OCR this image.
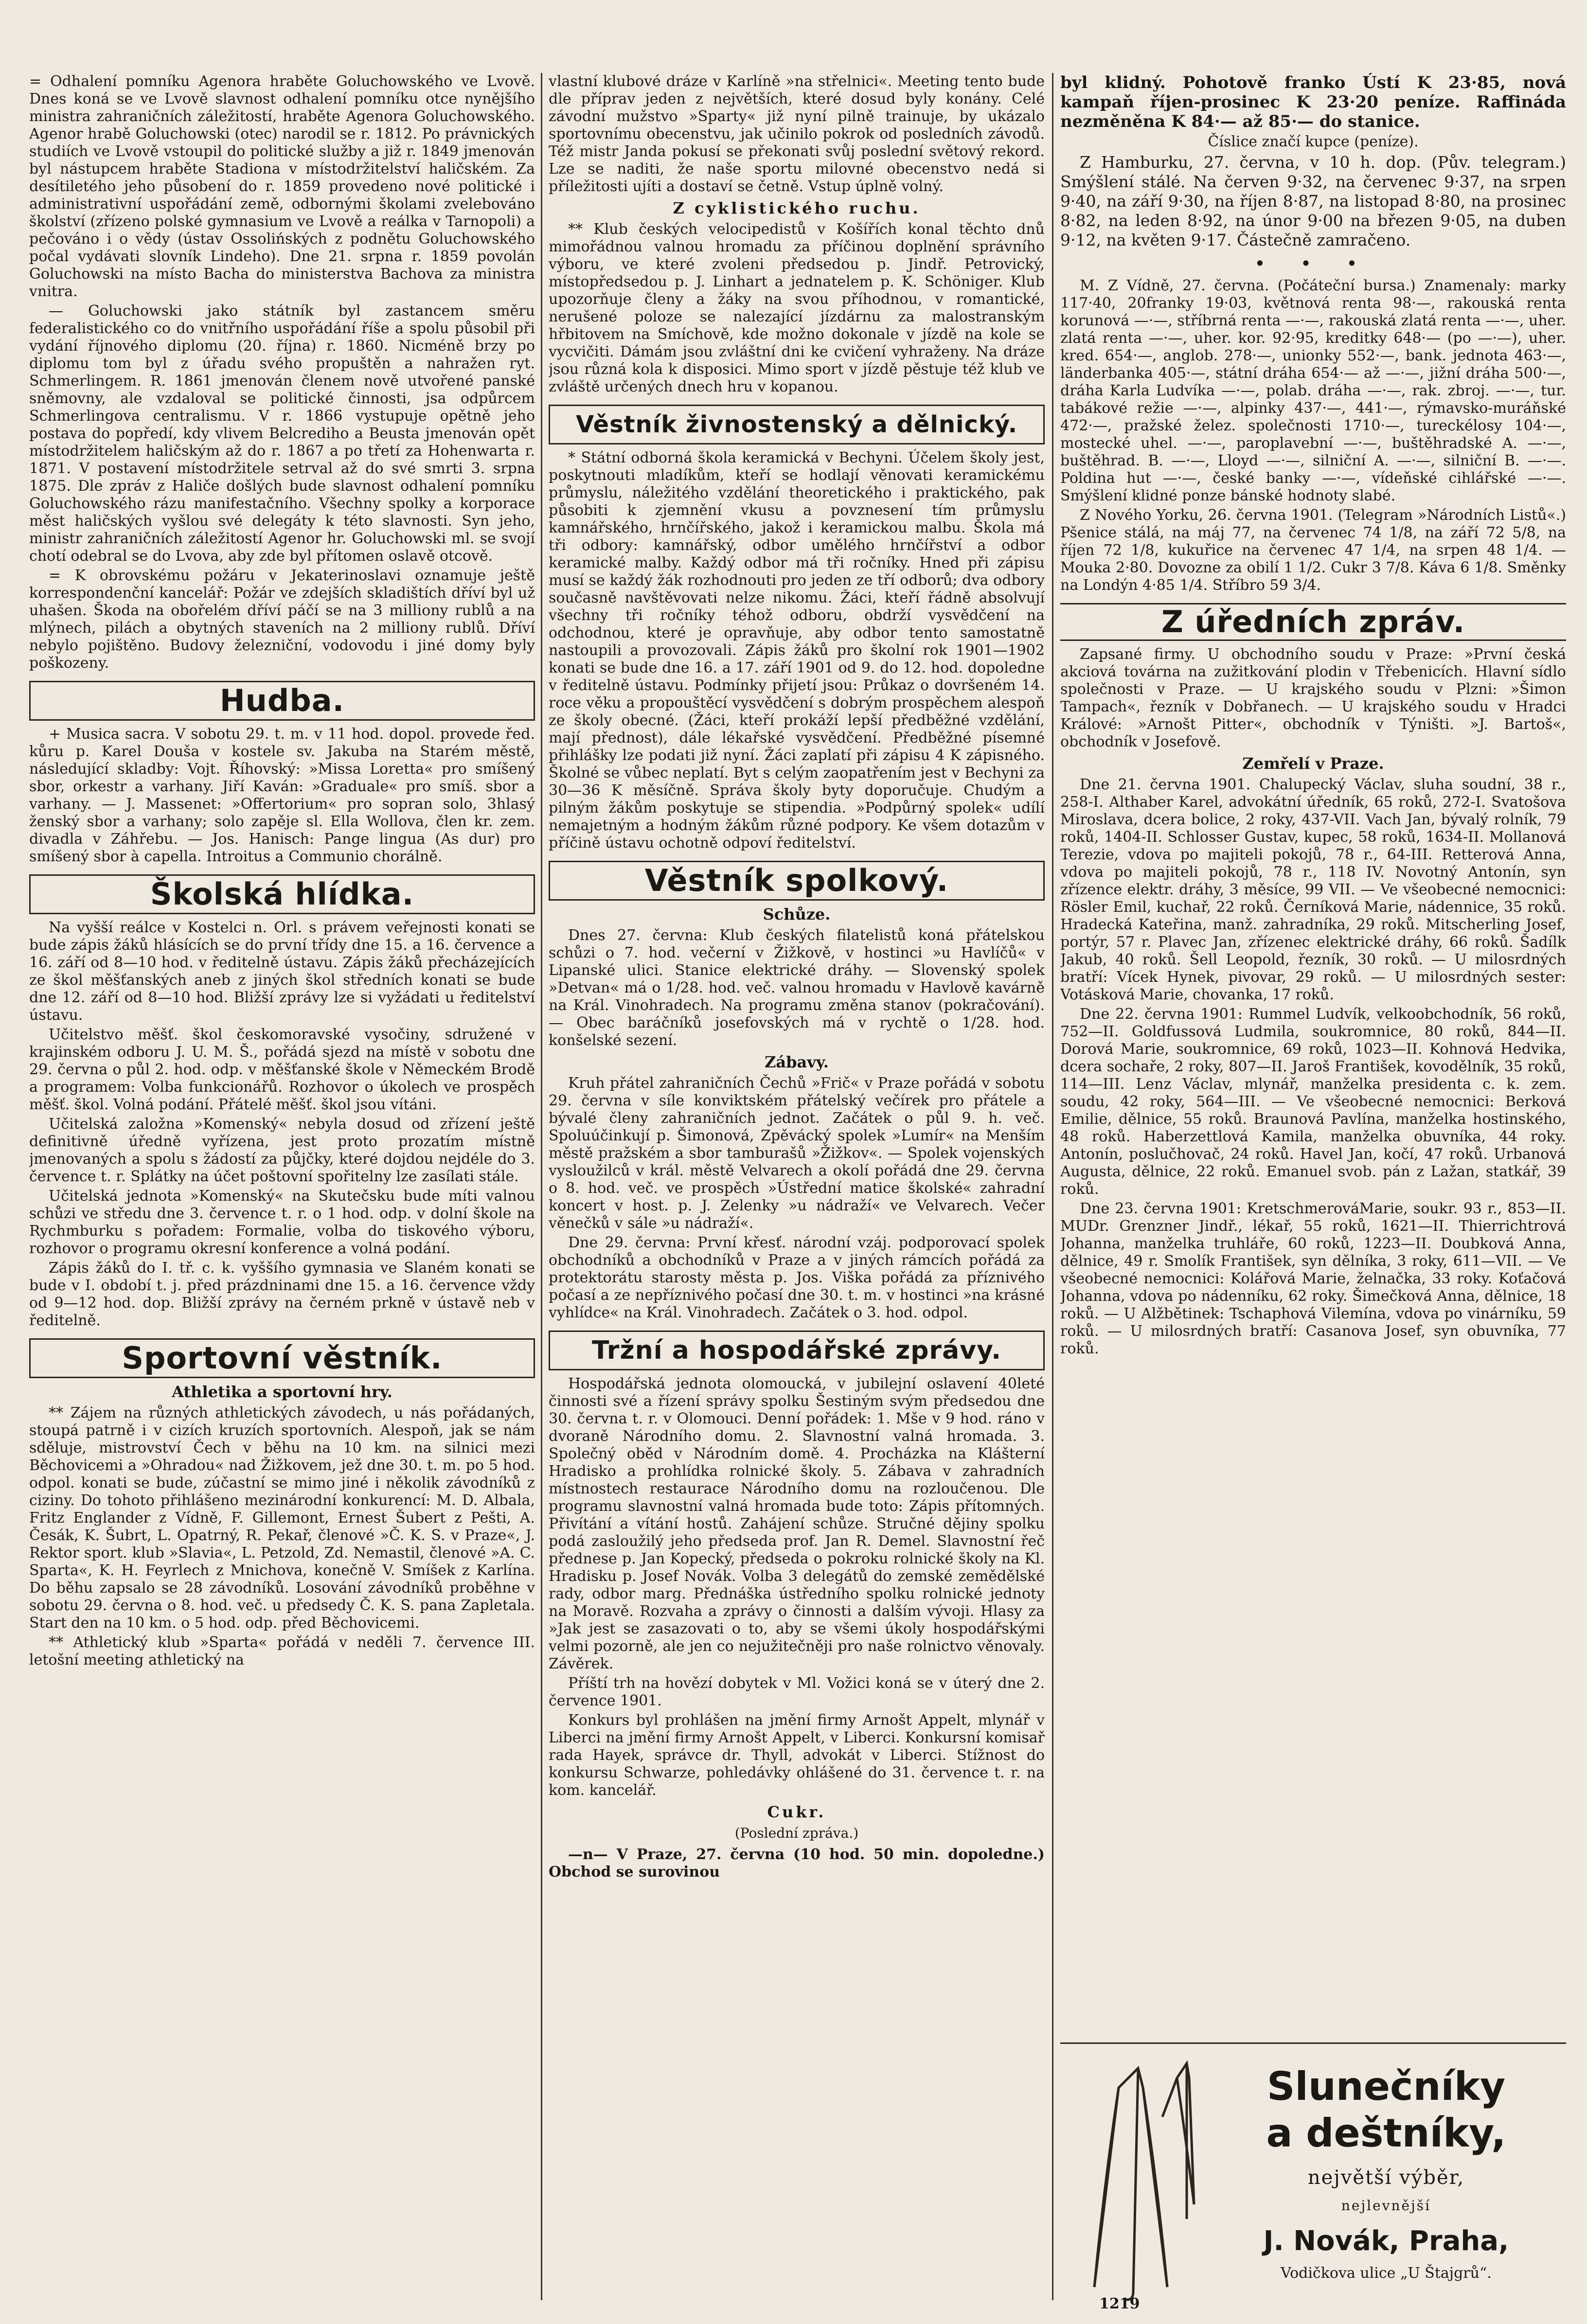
= Odhalení pomníku Agenora hraběte Goluchowského ve Lvově. Dnes koná se ve Lvově slavnost odhalení pomníku otce nynějšího ministra zahraničních záležitostí, hraběte Agenora Goluchowského. Agenor hrabě Goluchowski (otec) narodil se r. 1812. Po právnických studiích ve Lvově vstoupil do politické služby a již r. 1849 jmenován byl nástupcem hraběte Stadiona v místodržitelství haličském. Za desítiletého jeho působení do r. 1859 provedeno nové politické i administrativní uspořádání země, odbornými školami zvelebováno školství (zřízeno polské gymnasium ve Lvově a reálka v Tarnopoli) a pečováno i o vědy (ústav Ossolińských z podnětu Goluchowského počal vydávati slovník Lindeho). Dne 21. srpna r. 1859 povolán Goluchowski na místo Bacha do ministerstva Bachova za ministra vnitra.

— Goluchowski jako státník byl zastancem směru federalistického co do vnitřního uspořádání říše a spolu působil při vydání říjnového diplomu (20. října) r. 1860. Nicméně brzy po diplomu tom byl z úřadu svého propuštěn a nahražen ryt. Schmerlingem. R. 1861 jmenován členem nově utvořené panské sněmovny, ale vzdaloval se politické činnosti, jsa odpůrcem Schmerlingova centralismu. V r. 1866 vystupuje opětně jeho postava do popředí, kdy vlivem Belcrediho a Beusta jmenován opět místodržitelem haličským až do r. 1867 a po třetí za Hohenwarta r. 1871. V postavení místodržitele setrval až do své smrti 3. srpna 1875. Dle zpráv z Haliče došlých bude slavnost odhalení pomníku Goluchowského rázu manifestačního. Všechny spolky a korporace měst haličských vyšlou své delegáty k této slavnosti. Syn jeho, ministr zahraničních záležitostí Agenor hr. Goluchowski ml. se svojí chotí odebral se do Lvova, aby zde byl přítomen oslavě otcově.

= K obrovskému požáru v Jekaterinoslavi oznamuje ještě korrespondenční kancelář: Požár ve zdejších skladištích dříví byl už uhašen. Škoda na obořelém dříví páčí se na 3 milliony rublů a na mlýnech, pilách a obytných staveních na 2 milliony rublů. Dříví nebylo pojištěno. Budovy železniční, vodovodu i jiné domy byly poškozeny.

Hudba.

+ Musica sacra. V sobotu 29. t. m. v 11 hod. dopol. provede řed. kůru p. Karel Douša v kostele sv. Jakuba na Starém městě, následující skladby: Vojt. Říhovský: »Missa Loretta« pro smíšený sbor, orkestr a varhany. Jiří Kaván: »Graduale« pro smíš. sbor a varhany. — J. Massenet: »Offertorium« pro sopran solo, 3hlasý ženský sbor a varhany; solo zapěje sl. Ella Wollova, člen kr. zem. divadla v Záhřebu. — Jos. Hanisch: Pange lingua (As dur) pro smíšený sbor à capella. Introitus a Communio chorálně.

Školská hlídka.

Na vyšší reálce v Kostelci n. Orl. s právem veřejnosti konati se bude zápis žáků hlásících se do první třídy dne 15. a 16. července a 16. září od 8—10 hod. v ředitelně ústavu. Zápis žáků přecházejících ze škol měšťanských aneb z jiných škol středních konati se bude dne 12. září od 8—10 hod. Bližší zprávy lze si vyžádati u ředitelství ústavu.

Učitelstvo měšť. škol českomoravské vysočiny, sdružené v krajinském odboru J. U. M. Š., pořádá sjezd na místě v sobotu dne 29. června o půl 2. hod. odp. v měšťanské škole v Německém Brodě a programem: Volba funkcionářů. Rozhovor o úkolech ve prospěch měšť. škol. Volná podání. Přátelé měšť. škol jsou vítáni.

Učitelská založna »Komenský« nebyla dosud od zřízení ještě definitivně úředně vyřízena, jest proto prozatím místně jmenovaných a spolu s žádostí za půjčky, které dojdou nejdéle do 3. července t. r. Splátky na účet poštovní spořitelny lze zasílati stále.

Učitelská jednota »Komenský« na Skutečsku bude míti valnou schůzi ve středu dne 3. července t. r. o 1 hod. odp. v dolní škole na Rychmburku s pořadem: Formalie, volba do tiskového výboru, rozhovor o programu okresní konference a volná podání.

Zápis žáků do I. tř. c. k. vyššího gymnasia ve Slaném konati se bude v I. období t. j. před prázdninami dne 15. a 16. července vždy od 9—12 hod. dop. Bližší zprávy na černém prkně v ústavě neb v ředitelně.

Sportovní věstník.
Athletika a sportovní hry.

** Zájem na různých athletických závodech, u nás pořádaných, stoupá patrně i v cizích kruzích sportovních. Alespoň, jak se nám sděluje, mistrovství Čech v běhu na 10 km. na silnici mezi Běchovicemi a »Ohradou« nad Žižkovem, jež dne 30. t. m. po 5 hod. odpol. konati se bude, zúčastní se mimo jiné i několik závodníků z ciziny. Do tohoto přihlášeno mezinárodní konkurencí: M. D. Albala, Fritz Englander z Vídně, F. Gillemont, Ernest Šubert z Pešti, A. Česák, K. Šubrt, L. Opatrný, R. Pekař, členové »Č. K. S. v Praze«, J. Rektor sport. klub »Slavia«, L. Petzold, Zd. Nemastil, členové »A. C. Sparta«, K. H. Feyrlech z Mnichova, konečně V. Smíšek z Karlína. Do běhu zapsalo se 28 závodníků. Losování závodníků proběhne v sobotu 29. června o 8. hod. več. u předsedy Č. K. S. pana Zapletala. Start den na 10 km. o 5 hod. odp. před Běchovicemi.

** Athletický klub »Sparta« pořádá v neděli 7. července III. letošní meeting athletický na

vlastní klubové dráze v Karlíně »na střelnici«. Meeting tento bude dle příprav jeden z největších, které dosud byly konány. Celé závodní mužstvo »Sparty« již nyní pilně trainuje, by ukázalo sportovnímu obecenstvu, jak učinilo pokrok od posledních závodů. Též mistr Janda pokusí se překonati svůj poslední světový rekord. Lze se naditi, že naše sportu milovné obecenstvo nedá si příležitosti ujíti a dostaví se četně. Vstup úplně volný.

Z cyklistického ruchu.

** Klub českých velocipedistů v Košířích konal těchto dnů mimořádnou valnou hromadu za příčinou doplnění správního výboru, ve které zvoleni předsedou p. Jindř. Petrovický, místopředsedou p. J. Linhart a jednatelem p. K. Schöniger. Klub upozorňuje členy a žáky na svou příhodnou, v romantické, nerušené poloze se nalezající jízdárnu za malostranským hřbitovem na Smíchově, kde možno dokonale v jízdě na kole se vycvičiti. Dámám jsou zvláštní dni ke cvičení vyhraženy. Na dráze jsou různá kola k disposici. Mimo sport v jízdě pěstuje též klub ve zvláště určených dnech hru v kopanou.

Věstník živnostenský a dělnický.

* Státní odborná škola keramická v Bechyni. Účelem školy jest, poskytnouti mladíkům, kteří se hodlají věnovati keramickému průmyslu, náležitého vzdělání theoretického i praktického, pak působiti k zjemnění vkusu a povznesení tím průmyslu kamnářského, hrnčířského, jakož i keramickou malbu. Škola má tři odbory: kamnářský, odbor umělého hrnčířství a odbor keramické malby. Každý odbor má tři ročníky. Hned při zápisu musí se každý žák rozhodnouti pro jeden ze tří odborů; dva odbory současně navštěvovati nelze nikomu. Žáci, kteří řádně absolvují všechny tři ročníky téhož odboru, obdrží vysvědčení na odchodnou, které je opravňuje, aby odbor tento samostatně nastoupili a provozovali. Zápis žáků pro školní rok 1901—1902 konati se bude dne 16. a 17. září 1901 od 9. do 12. hod. dopoledne v ředitelně ústavu. Podmínky přijetí jsou: Průkaz o dovršeném 14. roce věku a propouštěcí vysvědčení s dobrým prospěchem alespoň ze školy obecné. (Žáci, kteří prokáží lepší předběžné vzdělání, mají přednost), dále lékařské vysvědčení. Předběžné písemné přihlášky lze podati již nyní. Žáci zaplatí při zápisu 4 K zápisného. Školné se vůbec neplatí. Byt s celým zaopatřením jest v Bechyni za 30—36 K měsíčně. Správa školy byty doporučuje. Chudým a pilným žákům poskytuje se stipendia. »Podpůrný spolek« udílí nemajetným a hodným žákům různé podpory. Ke všem dotazům v příčině ústavu ochotně odpoví ředitelství.

Věstník spolkový.
Schůze.

Dnes 27. června: Klub českých filatelistů koná přátelskou schůzi o 7. hod. večerní v Žižkově, v hostinci »u Havlíčů« v Lipanské ulici. Stanice elektrické dráhy. — Slovenský spolek »Detvan« má o 1/28. hod. več. valnou hromadu v Havlově kavárně na Král. Vinohradech. Na programu změna stanov (pokračování). — Obec baráčníků josefovských má v rychtě o 1/28. hod. konšelské sezení.

Zábavy.

Kruh přátel zahraničních Čechů »Frič« v Praze pořádá v sobotu 29. června v síle konviktském přátelský večírek pro přátele a bývalé členy zahraničních jednot. Začátek o půl 9. h. več. Spoluúčinkují p. Šimonová, Zpěvácký spolek »Lumír« na Menším městě pražském a sbor tamburašů »Žižkov«. — Spolek vojenských vysloužilců v král. městě Velvarech a okolí pořádá dne 29. června o 8. hod. več. ve prospěch »Ústřední matice školské« zahradní koncert v host. p. J. Zelenky »u nádraží« ve Velvarech. Večer věnečků v sále »u nádraží«.

Dne 29. června: První křesť. národní vzáj. podporovací spolek obchodníků a obchodníků v Praze a v jiných rámcích pořádá za protektorátu starosty města p. Jos. Viška pořádá za příznivého počasí a ze nepříznivého počasí dne 30. t. m. v hostinci »na krásné vyhlídce« na Král. Vinohradech. Začátek o 3. hod. odpol.

Tržní a hospodářské zprávy.

Hospodářská jednota olomoucká, v jubilejní oslavení 40leté činnosti své a řízení správy spolku Šestiným svým předsedou dne 30. června t. r. v Olomouci. Denní pořádek: 1. Mše v 9 hod. ráno v dvoraně Národního domu. 2. Slavnostní valná hromada. 3. Společný oběd v Národním domě. 4. Procházka na Klášterní Hradisko a prohlídka rolnické školy. 5. Zábava v zahradních místnostech restaurace Národního domu na rozloučenou. Dle programu slavnostní valná hromada bude toto: Zápis přítomných. Přivítání a vítání hostů. Zahájení schůze. Stručné dějiny spolku podá zasloužilý jeho předseda prof. Jan R. Demel. Slavnostní řeč přednese p. Jan Kopecký, předseda o pokroku rolnické školy na Kl. Hradisku p. Josef Novák. Volba 3 delegátů do zemské zemědělské rady, odbor marg. Přednáška ústředního spolku rolnické jednoty na Moravě. Rozvaha a zprávy o činnosti a dalším vývoji. Hlasy za »Jak jest se zasazovati o to, aby se všemi úkoly hospodářskými velmi pozorně, ale jen co nejužitečněji pro naše rolnictvo věnovaly. Závěrek.

Příští trh na hovězí dobytek v Ml. Vožici koná se v úterý dne 2. července 1901.

Konkurs byl prohlášen na jmění firmy Arnošt Appelt, mlynář v Liberci na jmění firmy Arnošt Appelt, v Liberci. Konkursní komisař rada Hayek, správce dr. Thyll, advokát v Liberci. Stížnost do konkursu Schwarze, pohledávky ohlášené do 31. července t. r. na kom. kancelář.

Cukr.
(Poslední zpráva.)

—n— V Praze, 27. června (10 hod. 50 min. dopoledne.) Obchod se surovinou

byl klidný. Pohotově franko Ústí K 23·85, nová kampaň říjen-prosinec K 23·20 peníze. Raffináda nezměněna K 84·— až 85·— do stanice.

Číslice značí kupce (peníze).

Z Hamburku, 27. června, v 10 h. dop. (Pův. telegram.) Smýšlení stálé. Na červen 9·32, na červenec 9·37, na srpen 9·40, na září 9·30, na říjen 8·87, na listopad 8·80, na prosinec 8·82, na leden 8·92, na únor 9·00 na březen 9·05, na duben 9·12, na květen 9·17. Částečně zamračeno.

• • •

M. Z Vídně, 27. června. (Počáteční bursa.) Znamenaly: marky 117·40, 20franky 19·03, květnová renta 98·—, rakouská renta korunová —·—, stříbrná renta —·—, rakouská zlatá renta —·—, uher. zlatá renta —·—, uher. kor. 92·95, kreditky 648·— (po —·—), uher. kred. 654·—, anglob. 278·—, unionky 552·—, bank. jednota 463·—, länderbanka 405·—, státní dráha 654·— až —·—, jižní dráha 500·—, dráha Karla Ludvíka —·—, polab. dráha —·—, rak. zbroj. —·—, tur. tabákové režie —·—, alpinky 437·—, 441·—, rýmavsko-muráňské 472·—, pražské želez. společnosti 1710·—, tureckélosy 104·—, mostecké uhel. —·—, paroplavební —·—, buštěhradské A. —·—, buštěhrad. B. —·—, Lloyd —·—, silniční A. —·—, silniční B. —·—. Poldina hut —·—, české banky —·—, vídeňské cihlářské —·—. Smýšlení klidné ponze bánské hodnoty slabé.

Z Nového Yorku, 26. června 1901. (Telegram »Národních Listů«.) Pšenice stálá, na máj 77, na červenec 74 1/8, na září 72 5/8, na říjen 72 1/8, kukuřice na červenec 47 1/4, na srpen 48 1/4. — Mouka 2·80. Dovozne za obilí 1 1/2. Cukr 3 7/8. Káva 6 1/8. Směnky na Londýn 4·85 1/4. Stříbro 59 3/4.

Z úředních zpráv.

Zapsané firmy. U obchodního soudu v Praze: »První česká akciová továrna na zužitkování plodin v Třebenicích. Hlavní sídlo společnosti v Praze. — U krajského soudu v Plzni: »Šimon Tampach«, řezník v Dobřanech. — U krajského soudu v Hradci Králové: »Arnošt Pitter«, obchodník v Týništi. »J. Bartoš«, obchodník v Josefově.

Zemřelí v Praze.

Dne 21. června 1901. Chalupecký Václav, sluha soudní, 38 r., 258-I. Althaber Karel, advokátní úředník, 65 roků, 272-I. Svatošova Miroslava, dcera bolice, 2 roky, 437-VII. Vach Jan, bývalý rolník, 79 roků, 1404-II. Schlosser Gustav, kupec, 58 roků, 1634-II. Mollanová Terezie, vdova po majiteli pokojů, 78 r., 64-III. Retterová Anna, vdova po majiteli pokojů, 78 r., 118 IV. Novotný Antonín, syn zřízence elektr. dráhy, 3 měsíce, 99 VII. — Ve všeobecné nemocnici: Rösler Emil, kuchař, 22 roků. Černíková Marie, nádennice, 35 roků. Hradecká Kateřina, manž. zahradníka, 29 roků. Mitscherling Josef, portýr, 57 r. Plavec Jan, zřízenec elektrické dráhy, 66 roků. Šadílk Jakub, 40 roků. Šell Leopold, řezník, 30 roků. — U milosrdných bratří: Vícek Hynek, pivovar, 29 roků. — U milosrdných sester: Votásková Marie, chovanka, 17 roků.

Dne 22. června 1901: Rummel Ludvík, velkoobchodník, 56 roků, 752—II. Goldfussová Ludmila, soukromnice, 80 roků, 844—II. Dorová Marie, soukromnice, 69 roků, 1023—II. Kohnová Hedvika, dcera sochaře, 2 roky, 807—II. Jaroš František, kovodělník, 35 roků, 114—III. Lenz Václav, mlynář, manželka presidenta c. k. zem. soudu, 42 roky, 564—III. — Ve všeobecné nemocnici: Berková Emilie, dělnice, 55 roků. Braunová Pavlína, manželka hostinského, 48 roků. Haberzettlová Kamila, manželka obuvníka, 44 roky. Antonín, poslučhovač, 24 roků. Havel Jan, kočí, 47 roků. Urbanová Augusta, dělnice, 22 roků. Emanuel svob. pán z Lažan, statkář, 39 roků.

Dne 23. června 1901: KretschmerováMarie, soukr. 93 r., 853—II. MUDr. Grenzner Jindř., lékař, 55 roků, 1621—II. Thierrichtrová Johanna, manželka truhláře, 60 roků, 1223—II. Doubková Anna, dělnice, 49 r. Smolík František, syn dělníka, 3 roky, 611—VII. — Ve všeobecné nemocnici: Kolářová Marie, želnačka, 33 roky. Koťačová Johanna, vdova po nádenníku, 62 roky. Šimečková Anna, dělnice, 18 roků. — U Alžbětinek: Tschaphová Vilemína, vdova po vinárníku, 59 roků. — U milosrdných bratří: Casanova Josef, syn obuvníka, 77 roků.

Slunečníky
a deštníky,
největší výběr,
nejlevnější
J. Novák, Praha,
Vodičkova ulice „U Štajgrů“.
1219
